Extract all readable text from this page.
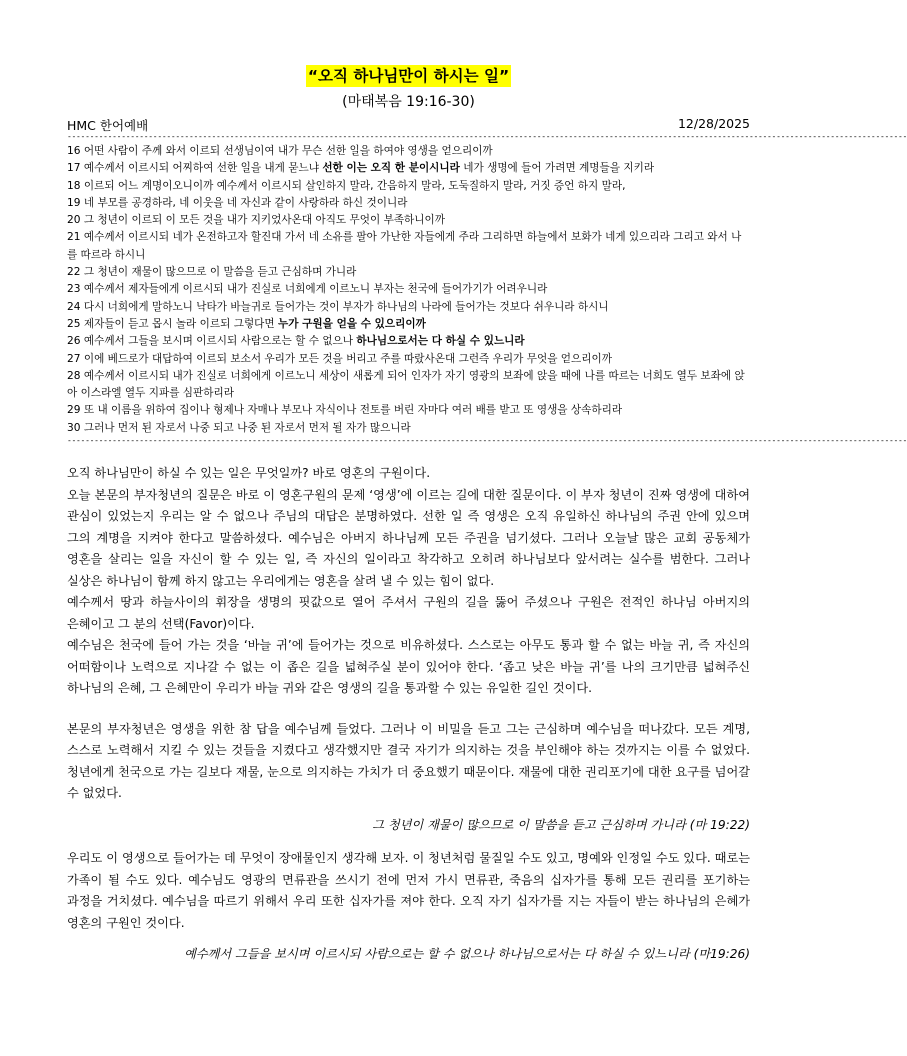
“오직 하나님만이 하시는 일”
(마태복음 19:16-30)
HMC 한어예배	12/28/2025
------------------------------------------------------------------------------------------------------------------------------------------------------------------------------------------
16 어떤 사람이 주께 와서 이르되 선생님이여 내가 무슨 선한 일을 하여야 영생을 얻으리이까
17 예수께서 이르시되 어찌하여 선한 일을 내게 묻느냐 선한 이는 오직 한 분이시니라 네가 생명에 들어 가려면 계명들을 지키라
18 이르되 어느 계명이오니이까 예수께서 이르시되 살인하지 말라, 간음하지 말라, 도둑질하지 말라, 거짓 증언 하지 말라,
19 네 부모를 공경하라, 네 이웃을 네 자신과 같이 사랑하라 하신 것이니라
20 그 청년이 이르되 이 모든 것을 내가 지키었사온대 아직도 무엇이 부족하니이까
21 예수께서 이르시되 네가 온전하고자 할진대 가서 네 소유를 팔아 가난한 자들에게 주라 그리하면 하늘에서 보화가 네게 있으리라 그리고 와서 나를 따르라 하시니
22 그 청년이 재물이 많으므로 이 말씀을 듣고 근심하며 가니라
23 예수께서 제자들에게 이르시되 내가 진실로 너희에게 이르노니 부자는 천국에 들어가기가 어려우니라
24 다시 너희에게 말하노니 낙타가 바늘귀로 들어가는 것이 부자가 하나님의 나라에 들어가는 것보다 쉬우니라 하시니
25 제자들이 듣고 몹시 놀라 이르되 그렇다면 누가 구원을 얻을 수 있으리이까
26 예수께서 그들을 보시며 이르시되 사람으로는 할 수 없으나 하나님으로서는 다 하실 수 있느니라
27 이에 베드로가 대답하여 이르되 보소서 우리가 모든 것을 버리고 주를 따랐사온대 그런즉 우리가 무엇을 얻으리이까
28 예수께서 이르시되 내가 진실로 너희에게 이르노니 세상이 새롭게 되어 인자가 자기 영광의 보좌에 앉을 때에 나를 따르는 너희도 열두 보좌에 앉아 이스라엘 열두 지파를 심판하리라
29 또 내 이름을 위하여 집이나 형제나 자매나 부모나 자식이나 전토를 버린 자마다 여러 배를 받고 또 영생을 상속하리라
30 그러나 먼저 된 자로서 나중 되고 나중 된 자로서 먼저 될 자가 많으니라
------------------------------------------------------------------------------------------------------------------------------------------------------------------------------------------

오직 하나님만이 하실 수 있는 일은 무엇일까? 바로 영혼의 구원이다.

오늘 본문의 부자청년의 질문은 바로 이 영혼구원의 문제 ‘영생’에 이르는 길에 대한 질문이다. 이 부자 청년이 진짜 영생에 대하여 관심이 있었는지 우리는 알 수 없으나 주님의 대답은 분명하였다. 선한 일 즉 영생은 오직 유일하신 하나님의 주권 안에 있으며 그의 계명을 지켜야 한다고 말씀하셨다. 예수님은 아버지 하나님께 모든 주권을 넘기셨다. 그러나 오늘날 많은 교회 공동체가 영혼을 살리는 일을 자신이 할 수 있는 일, 즉 자신의 일이라고 착각하고 오히려 하나님보다 앞서려는 실수를 범한다. 그러나 실상은 하나님이 함께 하지 않고는 우리에게는 영혼을 살려 낼 수 있는 힘이 없다.

예수께서 땅과 하늘사이의 휘장을 생명의 핏값으로 열어 주셔서 구원의 길을 뚫어 주셨으나 구원은 전적인 하나님 아버지의 은혜이고 그 분의 선택(Favor)이다.

예수님은 천국에 들어 가는 것을 ‘바늘 귀’에 들어가는 것으로 비유하셨다. 스스로는 아무도 통과 할 수 없는 바늘 귀, 즉 자신의 어떠함이나 노력으로 지나갈 수 없는 이 좁은 길을 넓혀주실 분이 있어야 한다. ‘좁고 낮은 바늘 귀’를 나의 크기만큼 넓혀주신 하나님의 은혜, 그 은혜만이 우리가 바늘 귀와 같은 영생의 길을 통과할 수 있는 유일한 길인 것이다.

본문의 부자청년은 영생을 위한 참 답을 예수님께 들었다. 그러나 이 비밀을 듣고 그는 근심하며 예수님을 떠나갔다. 모든 계명, 스스로 노력해서 지킬 수 있는 것들을 지켰다고 생각했지만 결국 자기가 의지하는 것을 부인해야 하는 것까지는 이를 수 없었다. 청년에게 천국으로 가는 길보다 재물, 눈으로 의지하는 가치가 더 중요했기 때문이다. 재물에 대한 권리포기에 대한 요구를 넘어갈 수 없었다.

그 청년이 재물이 많으므로 이 말씀을 듣고 근심하며 가니라 (마 19:22)

우리도 이 영생으로 들어가는 데 무엇이 장애물인지 생각해 보자. 이 청년처럼 물질일 수도 있고, 명예와 인정일 수도 있다. 때로는 가족이 될 수도 있다. 예수님도 영광의 면류관을 쓰시기 전에 먼저 가시 면류관, 죽음의 십자가를 통해 모든 권리를 포기하는 과정을 거치셨다. 예수님을 따르기 위해서 우리 또한 십자가를 져야 한다. 오직 자기 십자가를 지는 자들이 받는 하나님의 은혜가 영혼의 구원인 것이다.

예수께서 그들을 보시며 이르시되 사람으로는 할 수 없으나 하나님으로서는 다 하실 수 있느니라 (마19:26)
